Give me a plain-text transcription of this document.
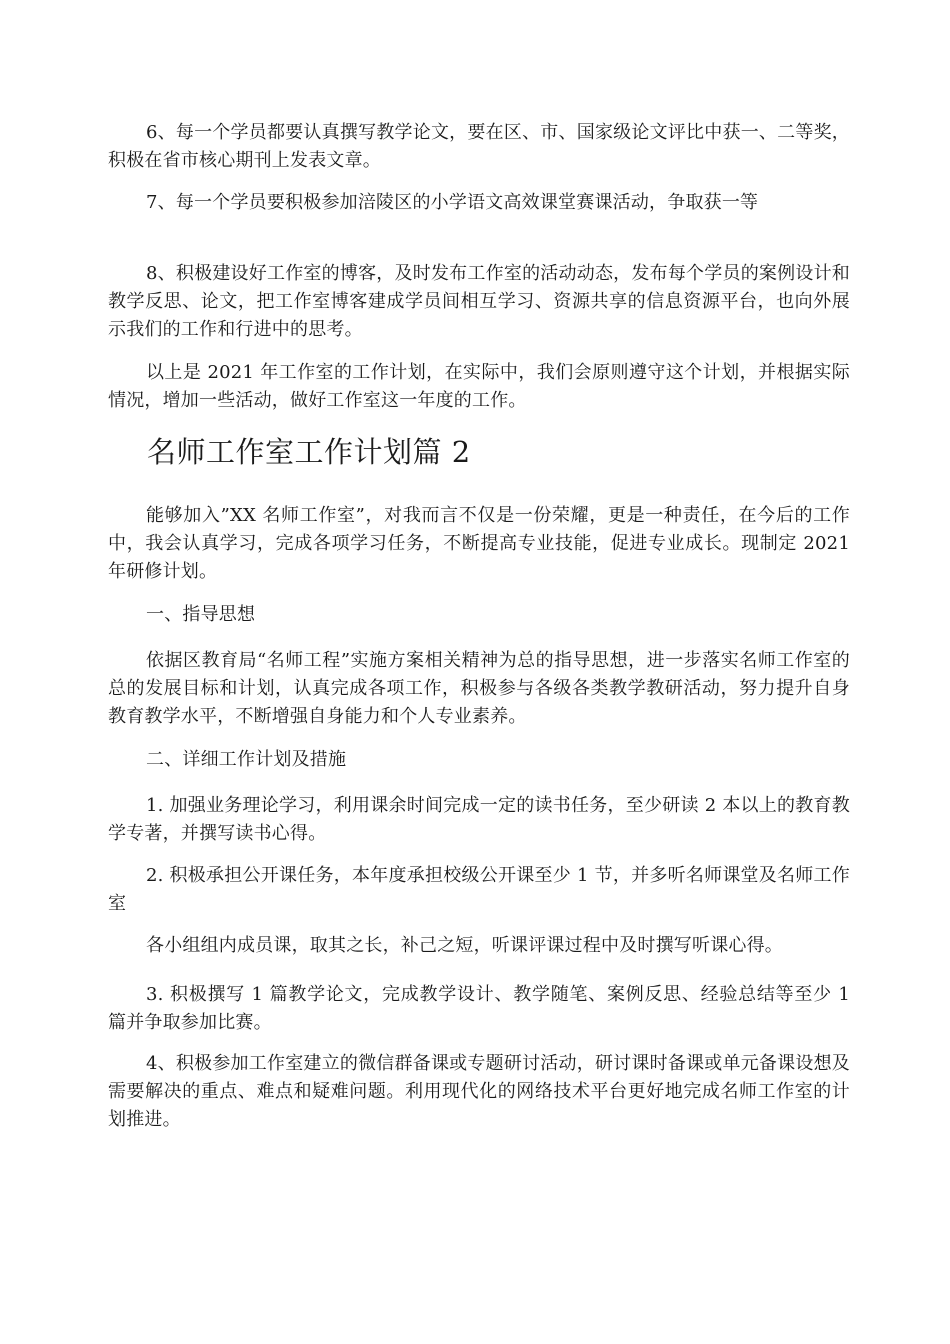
6、每一个学员都要认真撰写教学论文，要在区、市、国家级论文评比中获一、二等奖，积极在省市核心期刊上发表文章。

7、每一个学员要积极参加涪陵区的小学语文高效课堂赛课活动，争取获一等

8、积极建设好工作室的博客，及时发布工作室的活动动态，发布每个学员的案例设计和教学反思、论文，把工作室博客建成学员间相互学习、资源共享的信息资源平台，也向外展示我们的工作和行进中的思考。

以上是 2021 年工作室的工作计划，在实际中，我们会原则遵守这个计划，并根据实际情况，增加一些活动，做好工作室这一年度的工作。

名师工作室工作计划篇 2

能够加入”XX 名师工作室”，对我而言不仅是一份荣耀，更是一种责任，在今后的工作中，我会认真学习，完成各项学习任务，不断提高专业技能，促进专业成长。现制定 2021 年研修计划。

一、指导思想

依据区教育局“名师工程”实施方案相关精神为总的指导思想，进一步落实名师工作室的总的发展目标和计划，认真完成各项工作，积极参与各级各类教学教研活动，努力提升自身教育教学水平，不断增强自身能力和个人专业素养。

二、详细工作计划及措施

1. 加强业务理论学习，利用课余时间完成一定的读书任务，至少研读 2 本以上的教育教学专著，并撰写读书心得。

2. 积极承担公开课任务，本年度承担校级公开课至少 1 节，并多听名师课堂及名师工作室

各小组组内成员课，取其之长，补己之短，听课评课过程中及时撰写听课心得。

3. 积极撰写 1 篇教学论文，完成教学设计、教学随笔、案例反思、经验总结等至少 1 篇并争取参加比赛。

4、积极参加工作室建立的微信群备课或专题研讨活动，研讨课时备课或单元备课设想及需要解决的重点、难点和疑难问题。利用现代化的网络技术平台更好地完成名师工作室的计划推进。
